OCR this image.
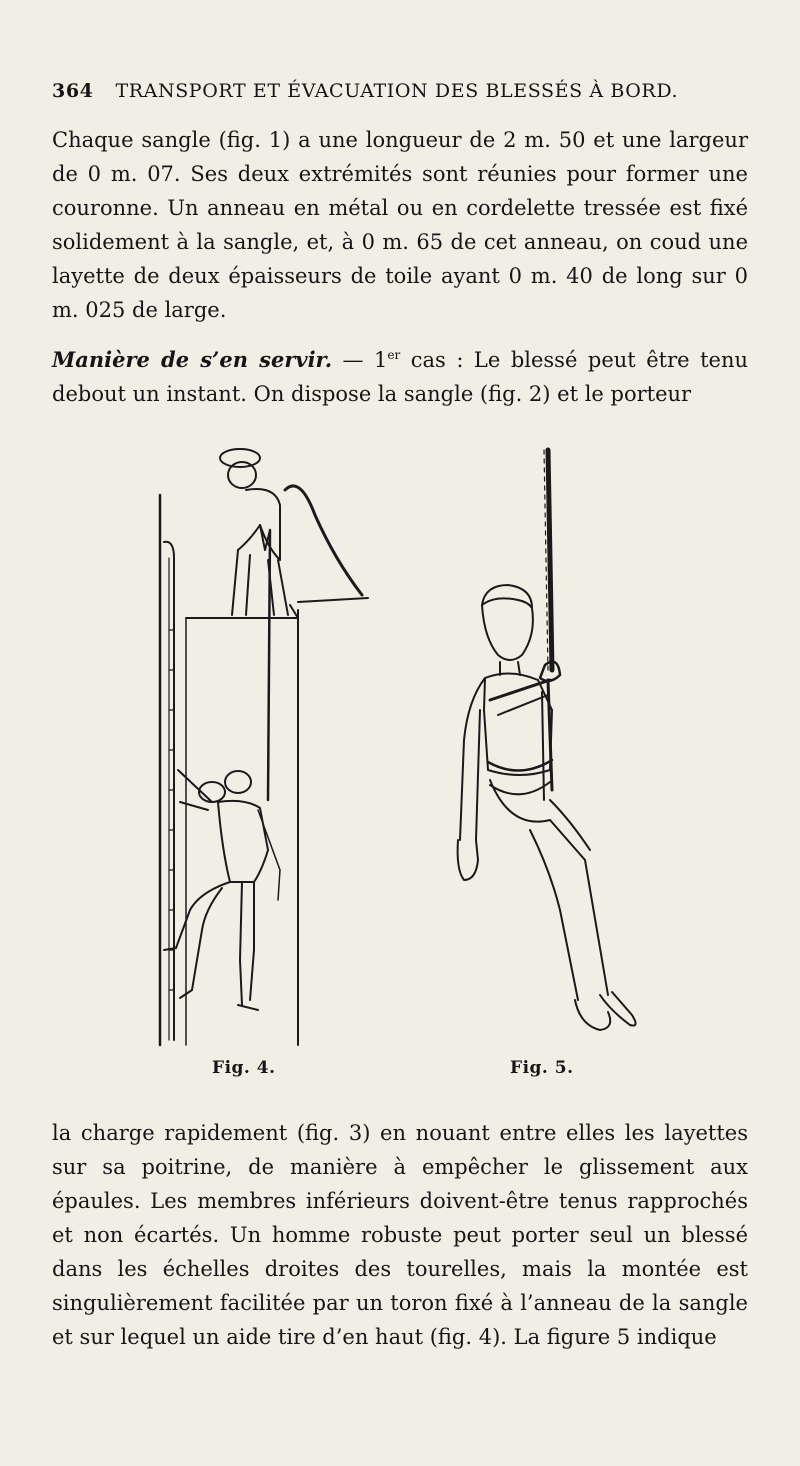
364 TRANSPORT ET ÉVACUATION DES BLESSÉS À BORD.
Chaque sangle (fig. 1) a une longueur de 2 m. 50 et une largeur de 0 m. 07. Ses deux extrémités sont réunies pour former une couronne. Un anneau en métal ou en cordelette tressée est fixé solidement à la sangle, et, à 0 m. 65 de cet anneau, on coud une layette de deux épaisseurs de toile ayant 0 m. 40 de long sur 0 m. 025 de large.
Manière de s’en servir. — 1er cas : Le blessé peut être tenu debout un instant. On dispose la sangle (fig. 2) et le porteur
Fig. 4.	Fig. 5.
la charge rapidement (fig. 3) en nouant entre elles les layettes sur sa poitrine, de manière à empêcher le glissement aux épaules. Les membres inférieurs doivent-être tenus rapprochés et non écartés. Un homme robuste peut porter seul un blessé dans les échelles droites des tourelles, mais la montée est singulièrement facilitée par un toron fixé à l’anneau de la sangle et sur lequel un aide tire d’en haut (fig. 4). La figure 5 indique
